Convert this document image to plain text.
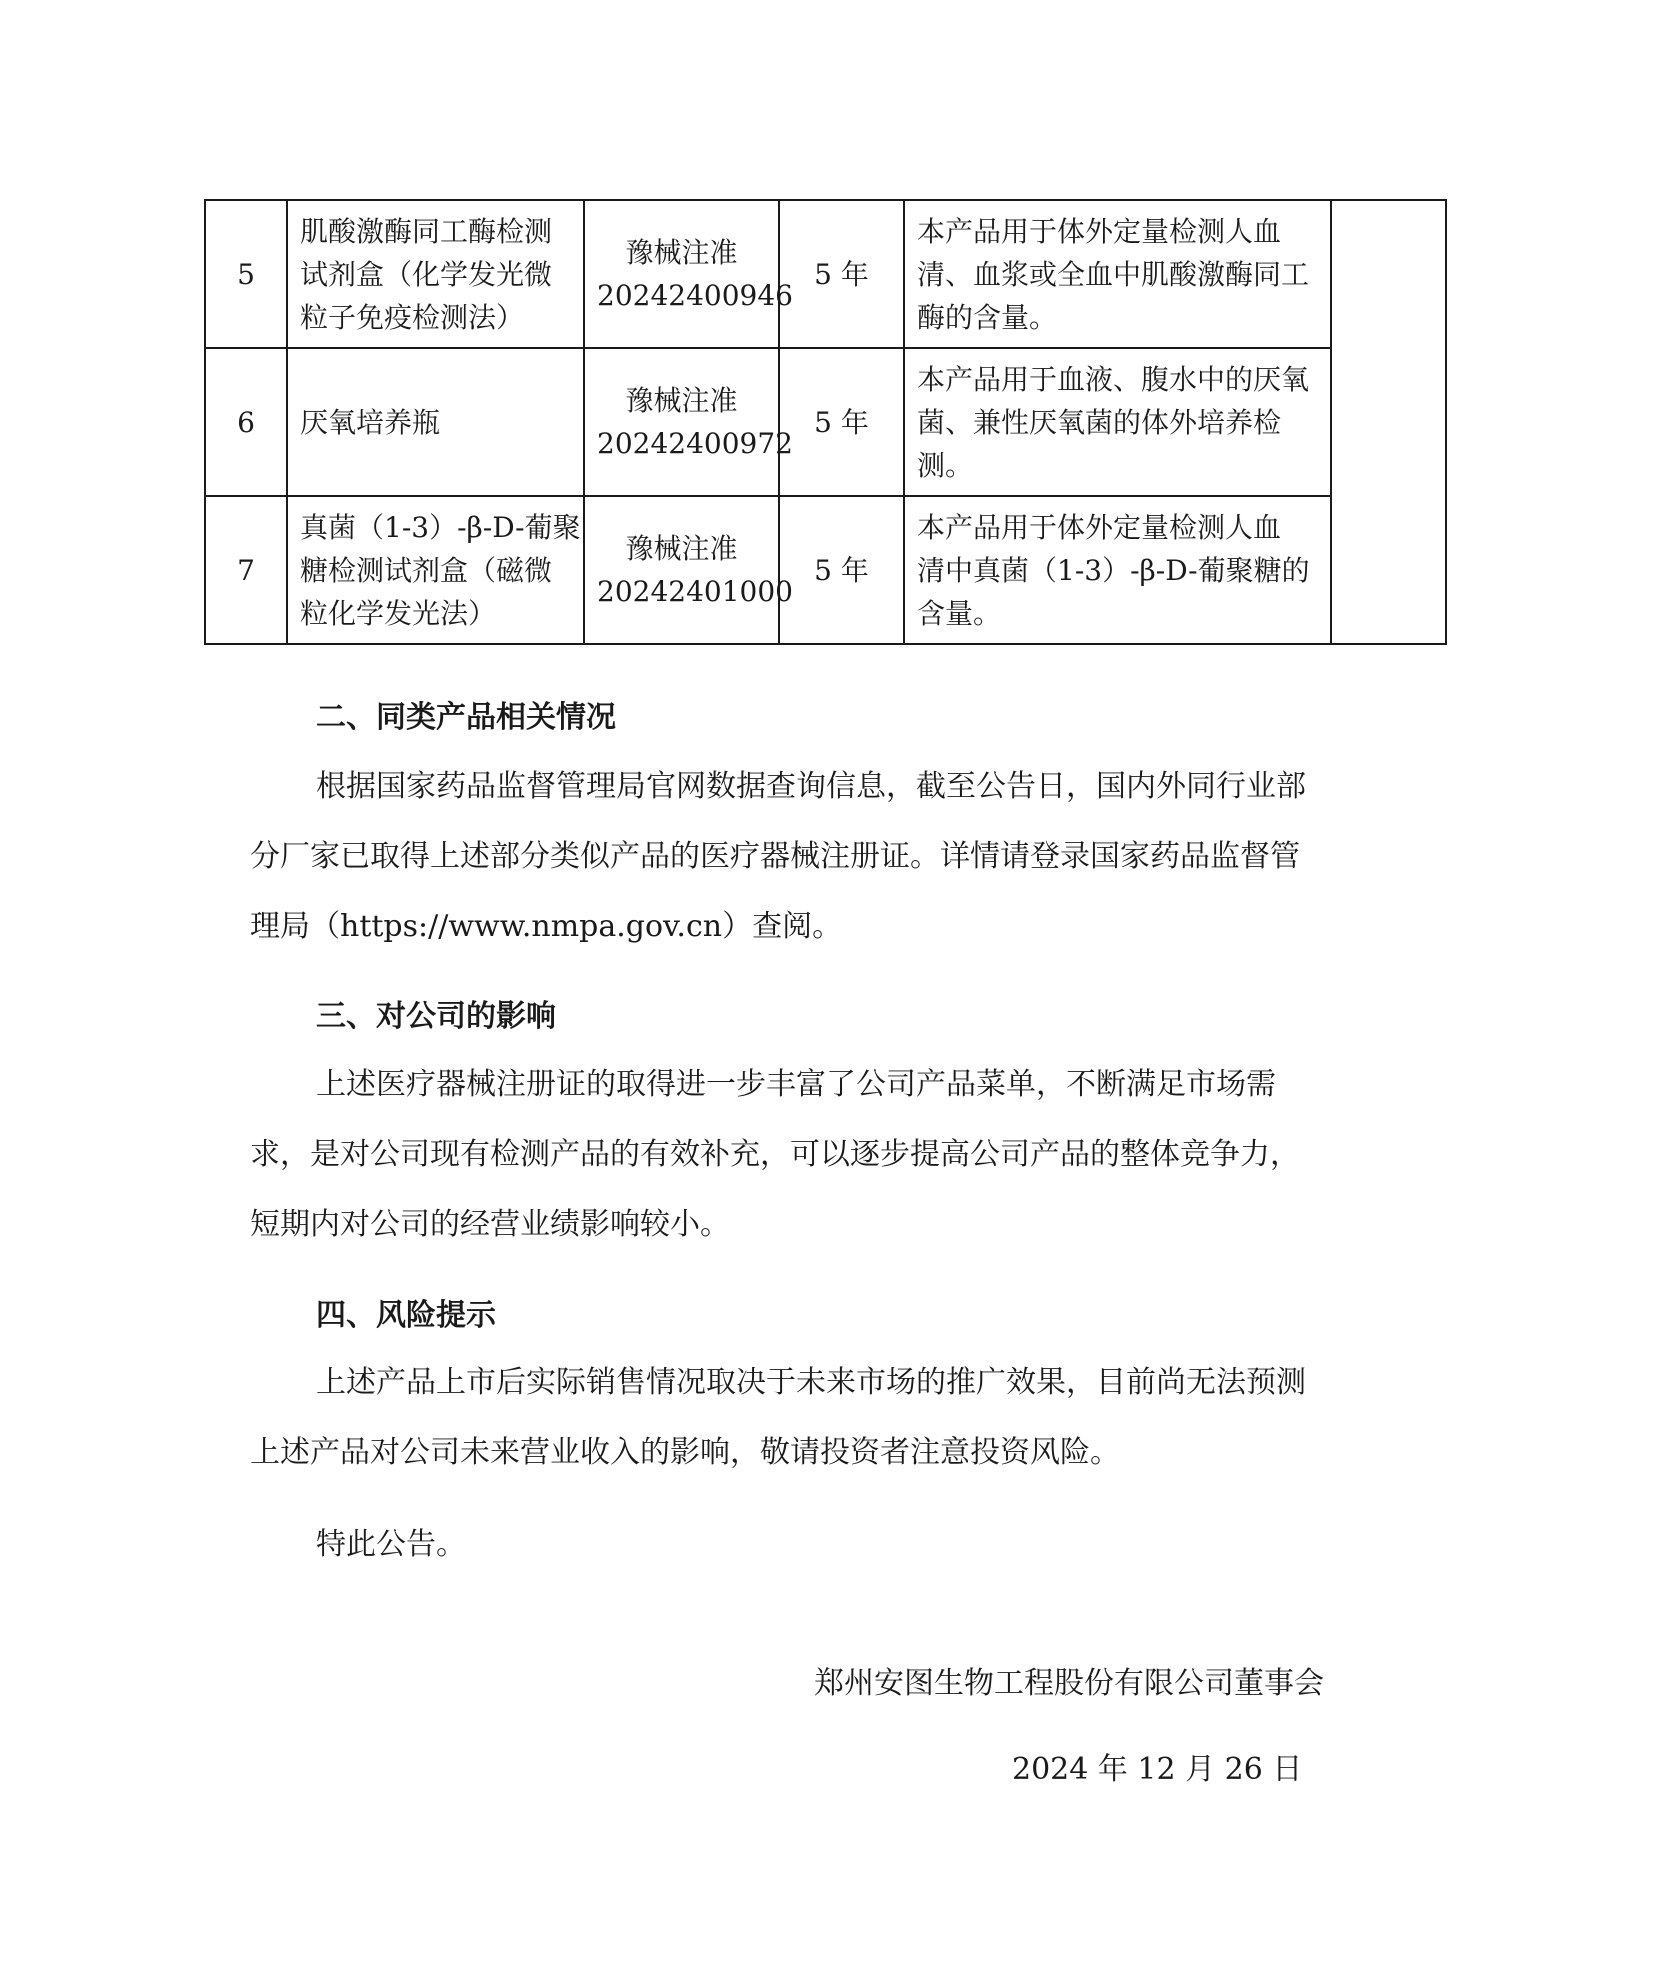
5	肌酸激酶同工酶检测
试剂盒（化学发光微
粒子免疫检测法）	豫械注准
20242400946	5 年	本产品用于体外定量检测人血
清、血浆或全血中肌酸激酶同工
酶的含量。	

6	厌氧培养瓶	豫械注准
20242400972	5 年	本产品用于血液、腹水中的厌氧
菌、兼性厌氧菌的体外培养检
测。	

7	真菌（1-3）-β-D-葡聚
糖检测试剂盒（磁微
粒化学发光法）	豫械注准
20242401000	5 年	本产品用于体外定量检测人血
清中真菌（1-3）-β-D-葡聚糖的
含量。	
二、同类产品相关情况
根据国家药品监督管理局官网数据查询信息，截至公告日，国内外同行业部
分厂家已取得上述部分类似产品的医疗器械注册证。详情请登录国家药品监督管
理局（https://www.nmpa.gov.cn）查阅。
三、对公司的影响
上述医疗器械注册证的取得进一步丰富了公司产品菜单，不断满足市场需
求，是对公司现有检测产品的有效补充，可以逐步提高公司产品的整体竞争力，
短期内对公司的经营业绩影响较小。
四、风险提示
上述产品上市后实际销售情况取决于未来市场的推广效果，目前尚无法预测
上述产品对公司未来营业收入的影响，敬请投资者注意投资风险。
特此公告。
郑州安图生物工程股份有限公司董事会
2024 年 12 月 26 日
